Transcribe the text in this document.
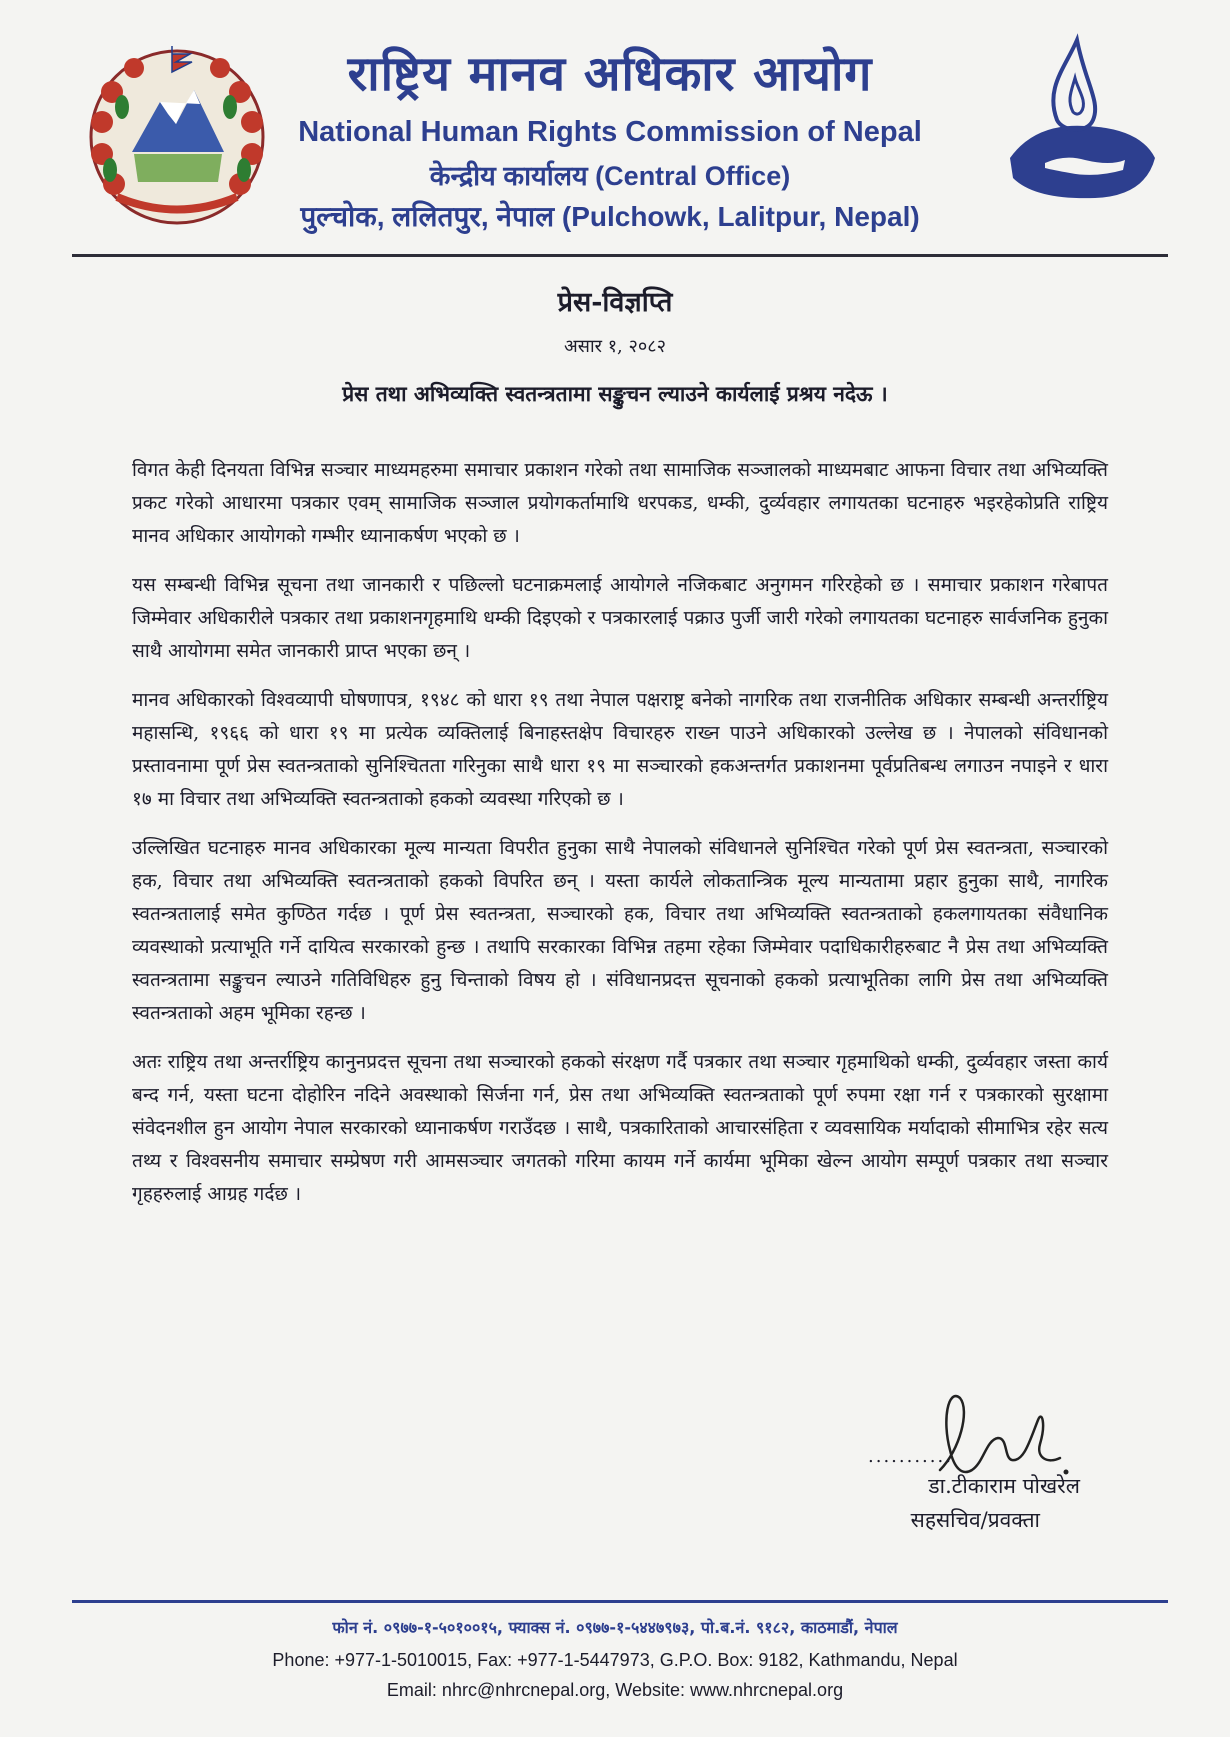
राष्ट्रिय मानव अधिकार आयोग

National Human Rights Commission of Nepal

केन्द्रीय कार्यालय (Central Office)

पुल्चोक, ललितपुर, नेपाल (Pulchowk, Lalitpur, Nepal)

प्रेस-विज्ञप्ति

असार १, २०८२

प्रेस तथा अभिव्यक्ति स्वतन्त्रतामा सङ्कुचन ल्याउने कार्यलाई प्रश्रय नदेऊ ।

विगत केही दिनयता विभिन्न सञ्चार माध्यमहरुमा समाचार प्रकाशन गरेको तथा सामाजिक सञ्जालको माध्यमबाट आफना विचार तथा अभिव्यक्ति प्रकट गरेको आधारमा पत्रकार एवम् सामाजिक सञ्जाल प्रयोगकर्तामाथि धरपकड, धम्की, दुर्व्यवहार लगायतका घटनाहरु भइरहेकोप्रति राष्ट्रिय मानव अधिकार आयोगको गम्भीर ध्यानाकर्षण भएको छ ।

यस सम्बन्धी विभिन्न सूचना तथा जानकारी र पछिल्लो घटनाक्रमलाई आयोगले नजिकबाट अनुगमन गरिरहेको छ । समाचार प्रकाशन गरेबापत जिम्मेवार अधिकारीले पत्रकार तथा प्रकाशनगृहमाथि धम्की दिइएको र पत्रकारलाई पक्राउ पुर्जी जारी गरेको लगायतका घटनाहरु सार्वजनिक हुनुका साथै आयोगमा समेत जानकारी प्राप्त भएका छन् ।

मानव अधिकारको विश्वव्यापी घोषणापत्र, १९४८ को धारा १९ तथा नेपाल पक्षराष्ट्र बनेको नागरिक तथा राजनीतिक अधिकार सम्बन्धी अन्तर्राष्ट्रिय महासन्धि, १९६६ को धारा १९ मा प्रत्येक व्यक्तिलाई बिनाहस्तक्षेप विचारहरु राख्न पाउने अधिकारको उल्लेख छ । नेपालको संविधानको प्रस्तावनामा पूर्ण प्रेस स्वतन्त्रताको सुनिश्चितता गरिनुका साथै धारा १९ मा सञ्चारको हकअन्तर्गत प्रकाशनमा पूर्वप्रतिबन्ध लगाउन नपाइने र धारा १७ मा विचार तथा अभिव्यक्ति स्वतन्त्रताको हकको व्यवस्था गरिएको छ ।

उल्लिखित घटनाहरु मानव अधिकारका मूल्य मान्यता विपरीत हुनुका साथै नेपालको संविधानले सुनिश्चित गरेको पूर्ण प्रेस स्वतन्त्रता, सञ्चारको हक, विचार तथा अभिव्यक्ति स्वतन्त्रताको हकको विपरित छन् । यस्ता कार्यले लोकतान्त्रिक मूल्य मान्यतामा प्रहार हुनुका साथै, नागरिक स्वतन्त्रतालाई समेत कुण्ठित गर्दछ । पूर्ण प्रेस स्वतन्त्रता, सञ्चारको हक, विचार तथा अभिव्यक्ति स्वतन्त्रताको हकलगायतका संवैधानिक व्यवस्थाको प्रत्याभूति गर्ने दायित्व सरकारको हुन्छ । तथापि सरकारका विभिन्न तहमा रहेका जिम्मेवार पदाधिकारीहरुबाट नै प्रेस तथा अभिव्यक्ति स्वतन्त्रतामा सङ्कुचन ल्याउने गतिविधिहरु हुनु चिन्ताको विषय हो । संविधानप्रदत्त सूचनाको हकको प्रत्याभूतिका लागि प्रेस तथा अभिव्यक्ति स्वतन्त्रताको अहम भूमिका रहन्छ ।

अतः राष्ट्रिय तथा अन्तर्राष्ट्रिय कानुनप्रदत्त सूचना तथा सञ्चारको हकको संरक्षण गर्दै पत्रकार तथा सञ्चार गृहमाथिको धम्की, दुर्व्यवहार जस्ता कार्य बन्द गर्न, यस्ता घटना दोहोरिन नदिने अवस्थाको सिर्जना गर्न, प्रेस तथा अभिव्यक्ति स्वतन्त्रताको पूर्ण रुपमा रक्षा गर्न र पत्रकारको सुरक्षामा संवेदनशील हुन आयोग नेपाल सरकारको ध्यानाकर्षण गराउँदछ । साथै, पत्रकारिताको आचारसंहिता र व्यवसायिक मर्यादाको सीमाभित्र रहेर सत्य तथ्य र विश्वसनीय समाचार सम्प्रेषण गरी आमसञ्चार जगतको गरिमा कायम गर्ने कार्यमा भूमिका खेल्न आयोग सम्पूर्ण पत्रकार तथा सञ्चार गृहहरुलाई आग्रह गर्दछ ।

...........

डा.टीकाराम पोखरेल

सहसचिव/प्रवक्ता

फोन नं. ०९७७-१-५०१००१५, फ्याक्स नं. ०९७७-१-५४४७९७३, पो.ब.नं. ९१८२, काठमाडौं, नेपाल

Phone: +977-1-5010015, Fax: +977-1-5447973, G.P.O. Box: 9182, Kathmandu, Nepal

Email: nhrc@nhrcnepal.org, Website: www.nhrcnepal.org
